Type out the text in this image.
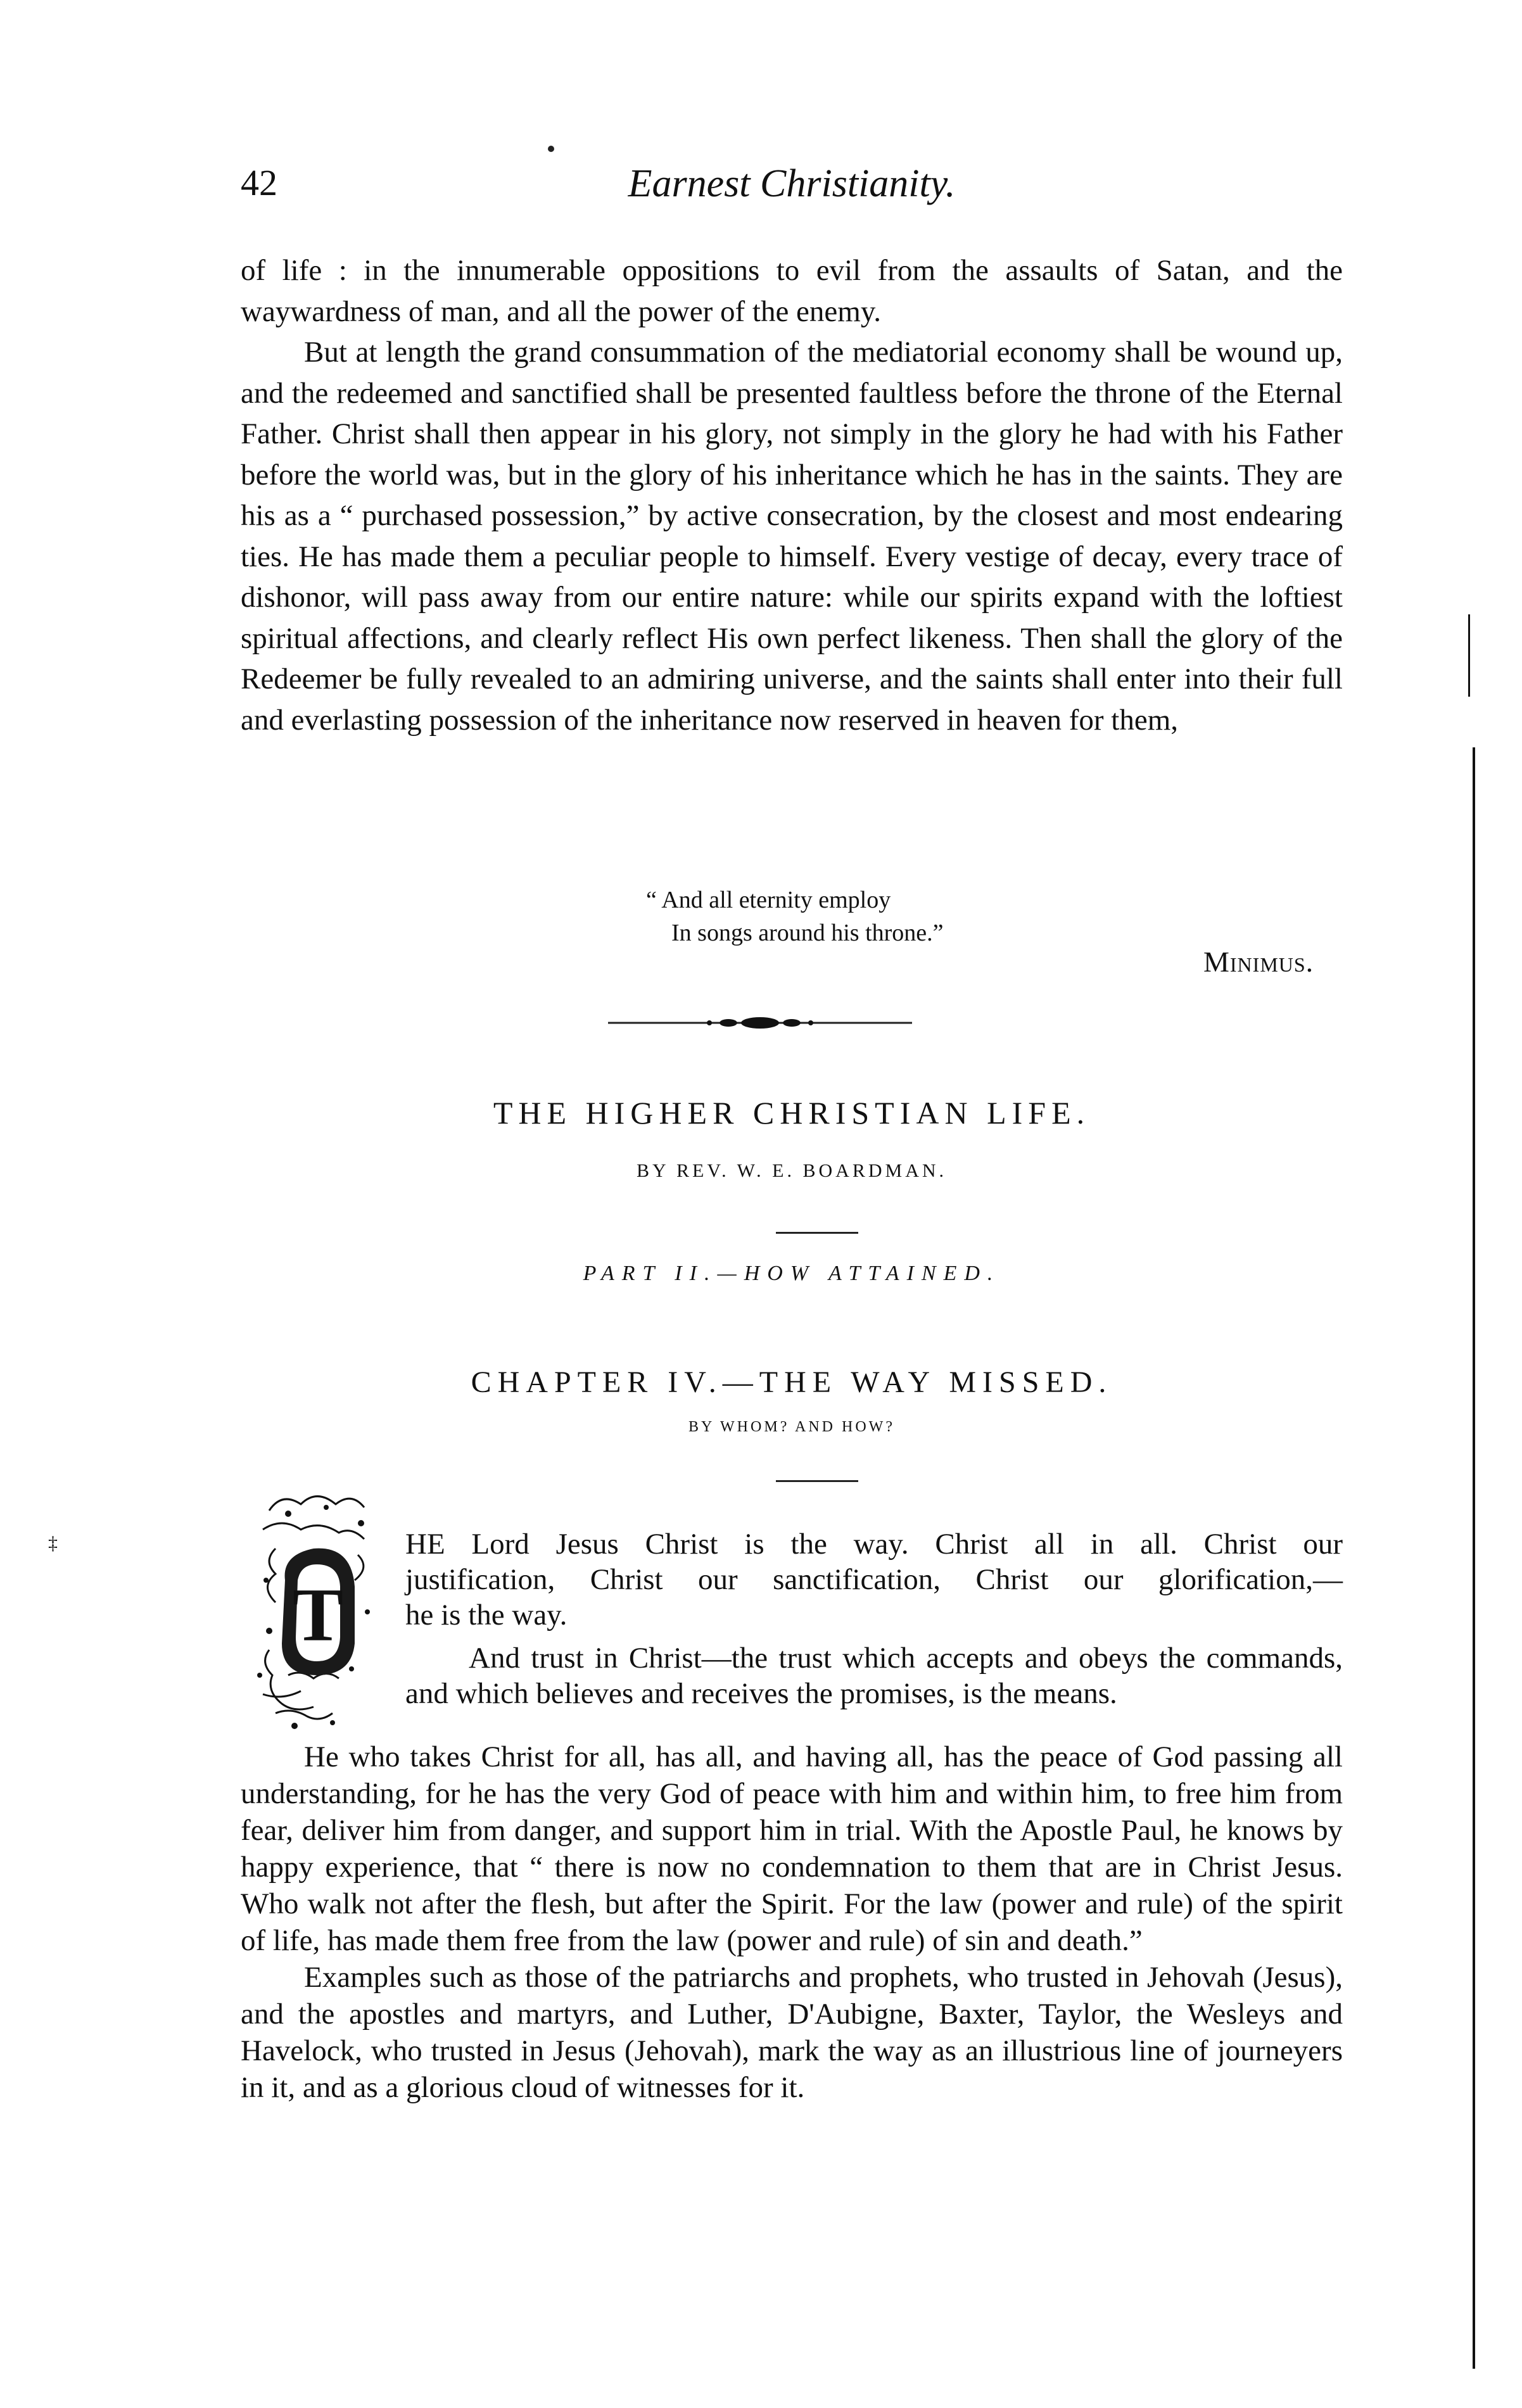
42	Earnest Christianity.

of life : in the innumerable oppositions to evil from the assaults of Satan, and the waywardness of man, and all the power of the enemy.

But at length the grand consummation of the mediatorial economy shall be wound up, and the redeemed and sanctified shall be presented faultless before the throne of the Eternal Father. Christ shall then appear in his glory, not simply in the glory he had with his Father before the world was, but in the glory of his inheritance which he has in the saints. They are his as a “ purchased possession,” by active consecration, by the closest and most endearing ties. He has made them a peculiar people to himself. Every vestige of decay, every trace of dishonor, will pass away from our entire nature: while our spirits expand with the loftiest spiritual affections, and clearly reflect His own perfect likeness. Then shall the glory of the Redeemer be fully revealed to an admiring universe, and the saints shall enter into their full and everlasting possession of the inheritance now reserved in heaven for them,

“ And all eternity employ
In songs around his throne.”
Minimus.
THE HIGHER CHRISTIAN LIFE.
BY REV. W. E. BOARDMAN.
PART II.—HOW ATTAINED.
CHAPTER IV.—THE WAY MISSED.
BY WHOM? AND HOW?
T

HE Lord Jesus Christ is the way. Christ all in all. Christ our

justification, Christ our sanctification, Christ our glorification,—

he is the way.

And trust in Christ—the trust which accepts and obeys the commands, and which believes and receives the promises, is the means.

He who takes Christ for all, has all, and having all, has the peace of God passing all understanding, for he has the very God of peace with him and within him, to free him from fear, deliver him from danger, and support him in trial. With the Apostle Paul, he knows by happy experience, that “ there is now no condemnation to them that are in Christ Jesus. Who walk not after the flesh, but after the Spirit. For the law (power and rule) of the spirit of life, has made them free from the law (power and rule) of sin and death.”

Examples such as those of the patriarchs and prophets, who trusted in Jehovah (Jesus), and the apostles and martyrs, and Luther, D'Aubigne, Baxter, Taylor, the Wesleys and Havelock, who trusted in Jesus (Jehovah), mark the way as an illustrious line of journeyers in it, and as a glorious cloud of witnesses for it.

‡
